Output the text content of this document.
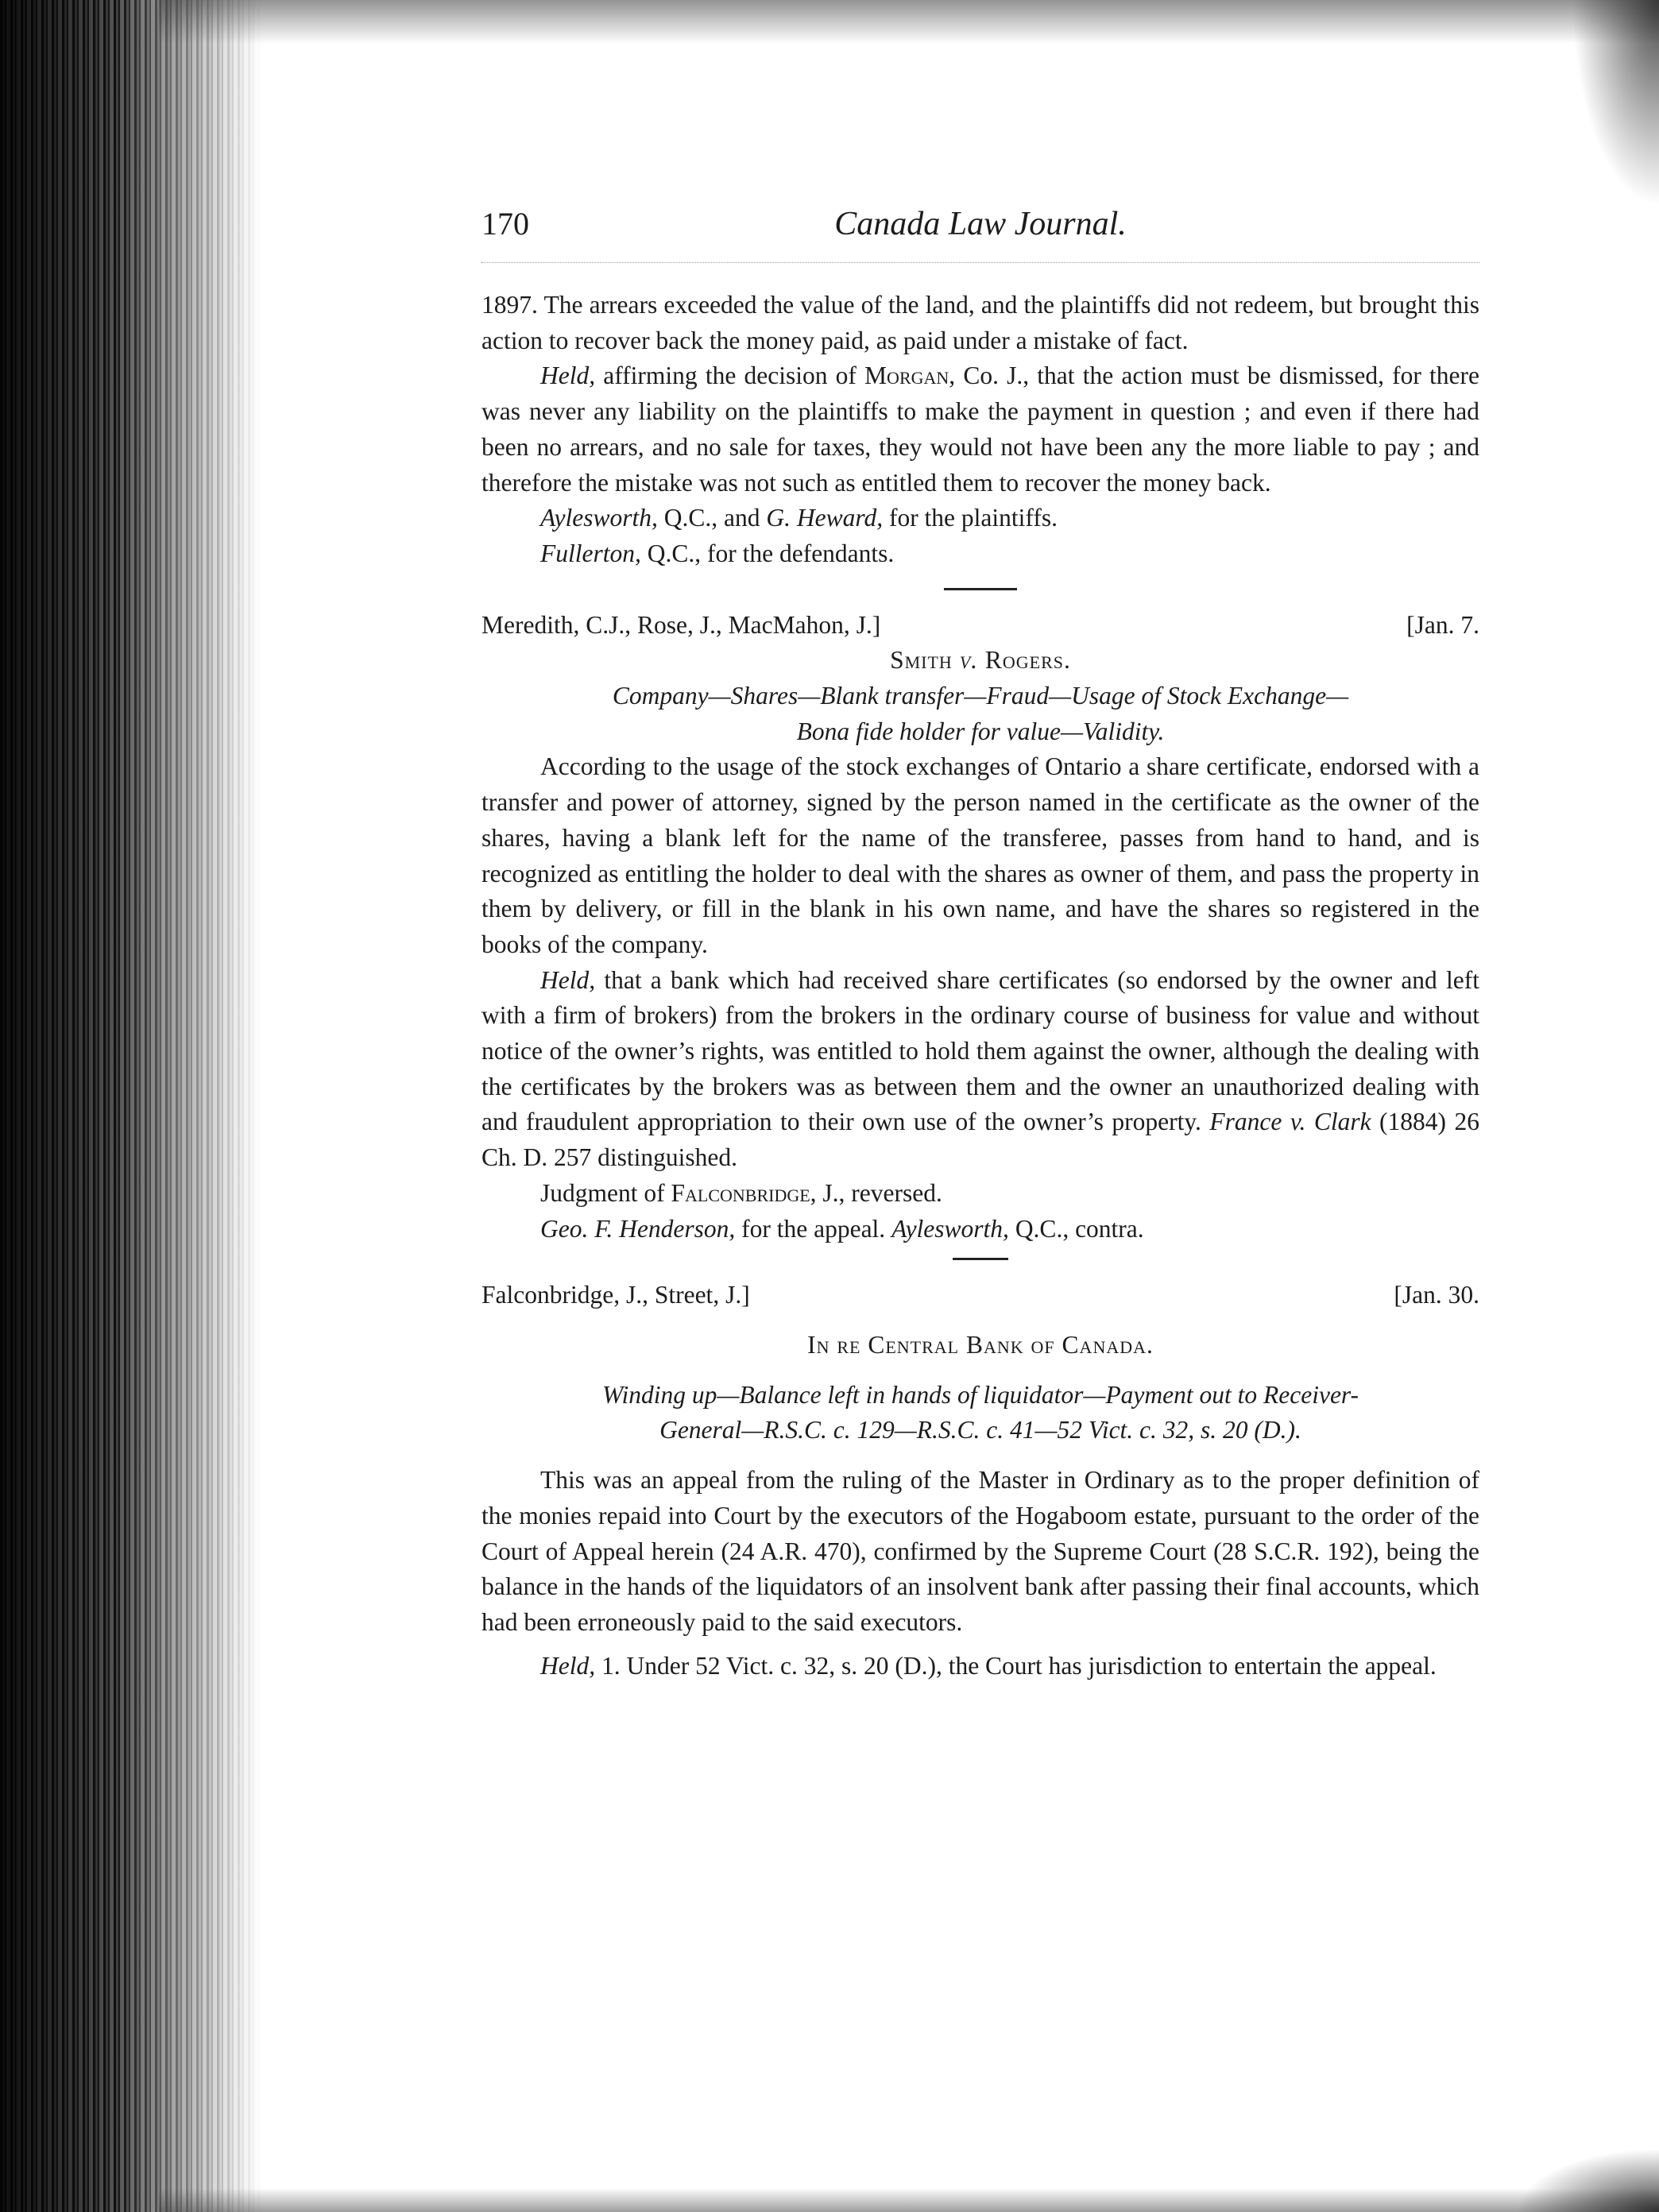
170	Canada Law Journal.

1897. The arrears exceeded the value of the land, and the plaintiffs did not redeem, but brought this action to recover back the money paid, as paid under a mistake of fact.

Held, affirming the decision of Morgan, Co. J., that the action must be dismissed, for there was never any liability on the plaintiffs to make the payment in question ; and even if there had been no arrears, and no sale for taxes, they would not have been any the more liable to pay ; and therefore the mistake was not such as entitled them to recover the money back.

Aylesworth, Q.C., and G. Heward, for the plaintiffs.

Fullerton, Q.C., for the defendants.

Meredith, C.J., Rose, J., MacMahon, J.]	[Jan. 7.
Smith v. Rogers.
Company—Shares—Blank transfer—Fraud—Usage of Stock Exchange—
Bona fide holder for value—Validity.

According to the usage of the stock exchanges of Ontario a share certificate, endorsed with a transfer and power of attorney, signed by the person named in the certificate as the owner of the shares, having a blank left for the name of the transferee, passes from hand to hand, and is recognized as entitling the holder to deal with the shares as owner of them, and pass the property in them by delivery, or fill in the blank in his own name, and have the shares so registered in the books of the company.

Held, that a bank which had received share certificates (so endorsed by the owner and left with a firm of brokers) from the brokers in the ordinary course of business for value and without notice of the owner’s rights, was entitled to hold them against the owner, although the dealing with the certificates by the brokers was as between them and the owner an unauthorized dealing with and fraudulent appropriation to their own use of the owner’s property. France v. Clark (1884) 26 Ch. D. 257 distinguished.

Judgment of Falconbridge, J., reversed.

Geo. F. Henderson, for the appeal. Aylesworth, Q.C., contra.

Falconbridge, J., Street, J.]	[Jan. 30.
In re Central Bank of Canada.
Winding up—Balance left in hands of liquidator—Payment out to Receiver-
General—R.S.C. c. 129—R.S.C. c. 41—52 Vict. c. 32, s. 20 (D.).

This was an appeal from the ruling of the Master in Ordinary as to the proper definition of the monies repaid into Court by the executors of the Hogaboom estate, pursuant to the order of the Court of Appeal herein (24 A.R. 470), confirmed by the Supreme Court (28 S.C.R. 192), being the balance in the hands of the liquidators of an insolvent bank after passing their final accounts, which had been erroneously paid to the said executors.

Held, 1. Under 52 Vict. c. 32, s. 20 (D.), the Court has jurisdiction to entertain the appeal.
